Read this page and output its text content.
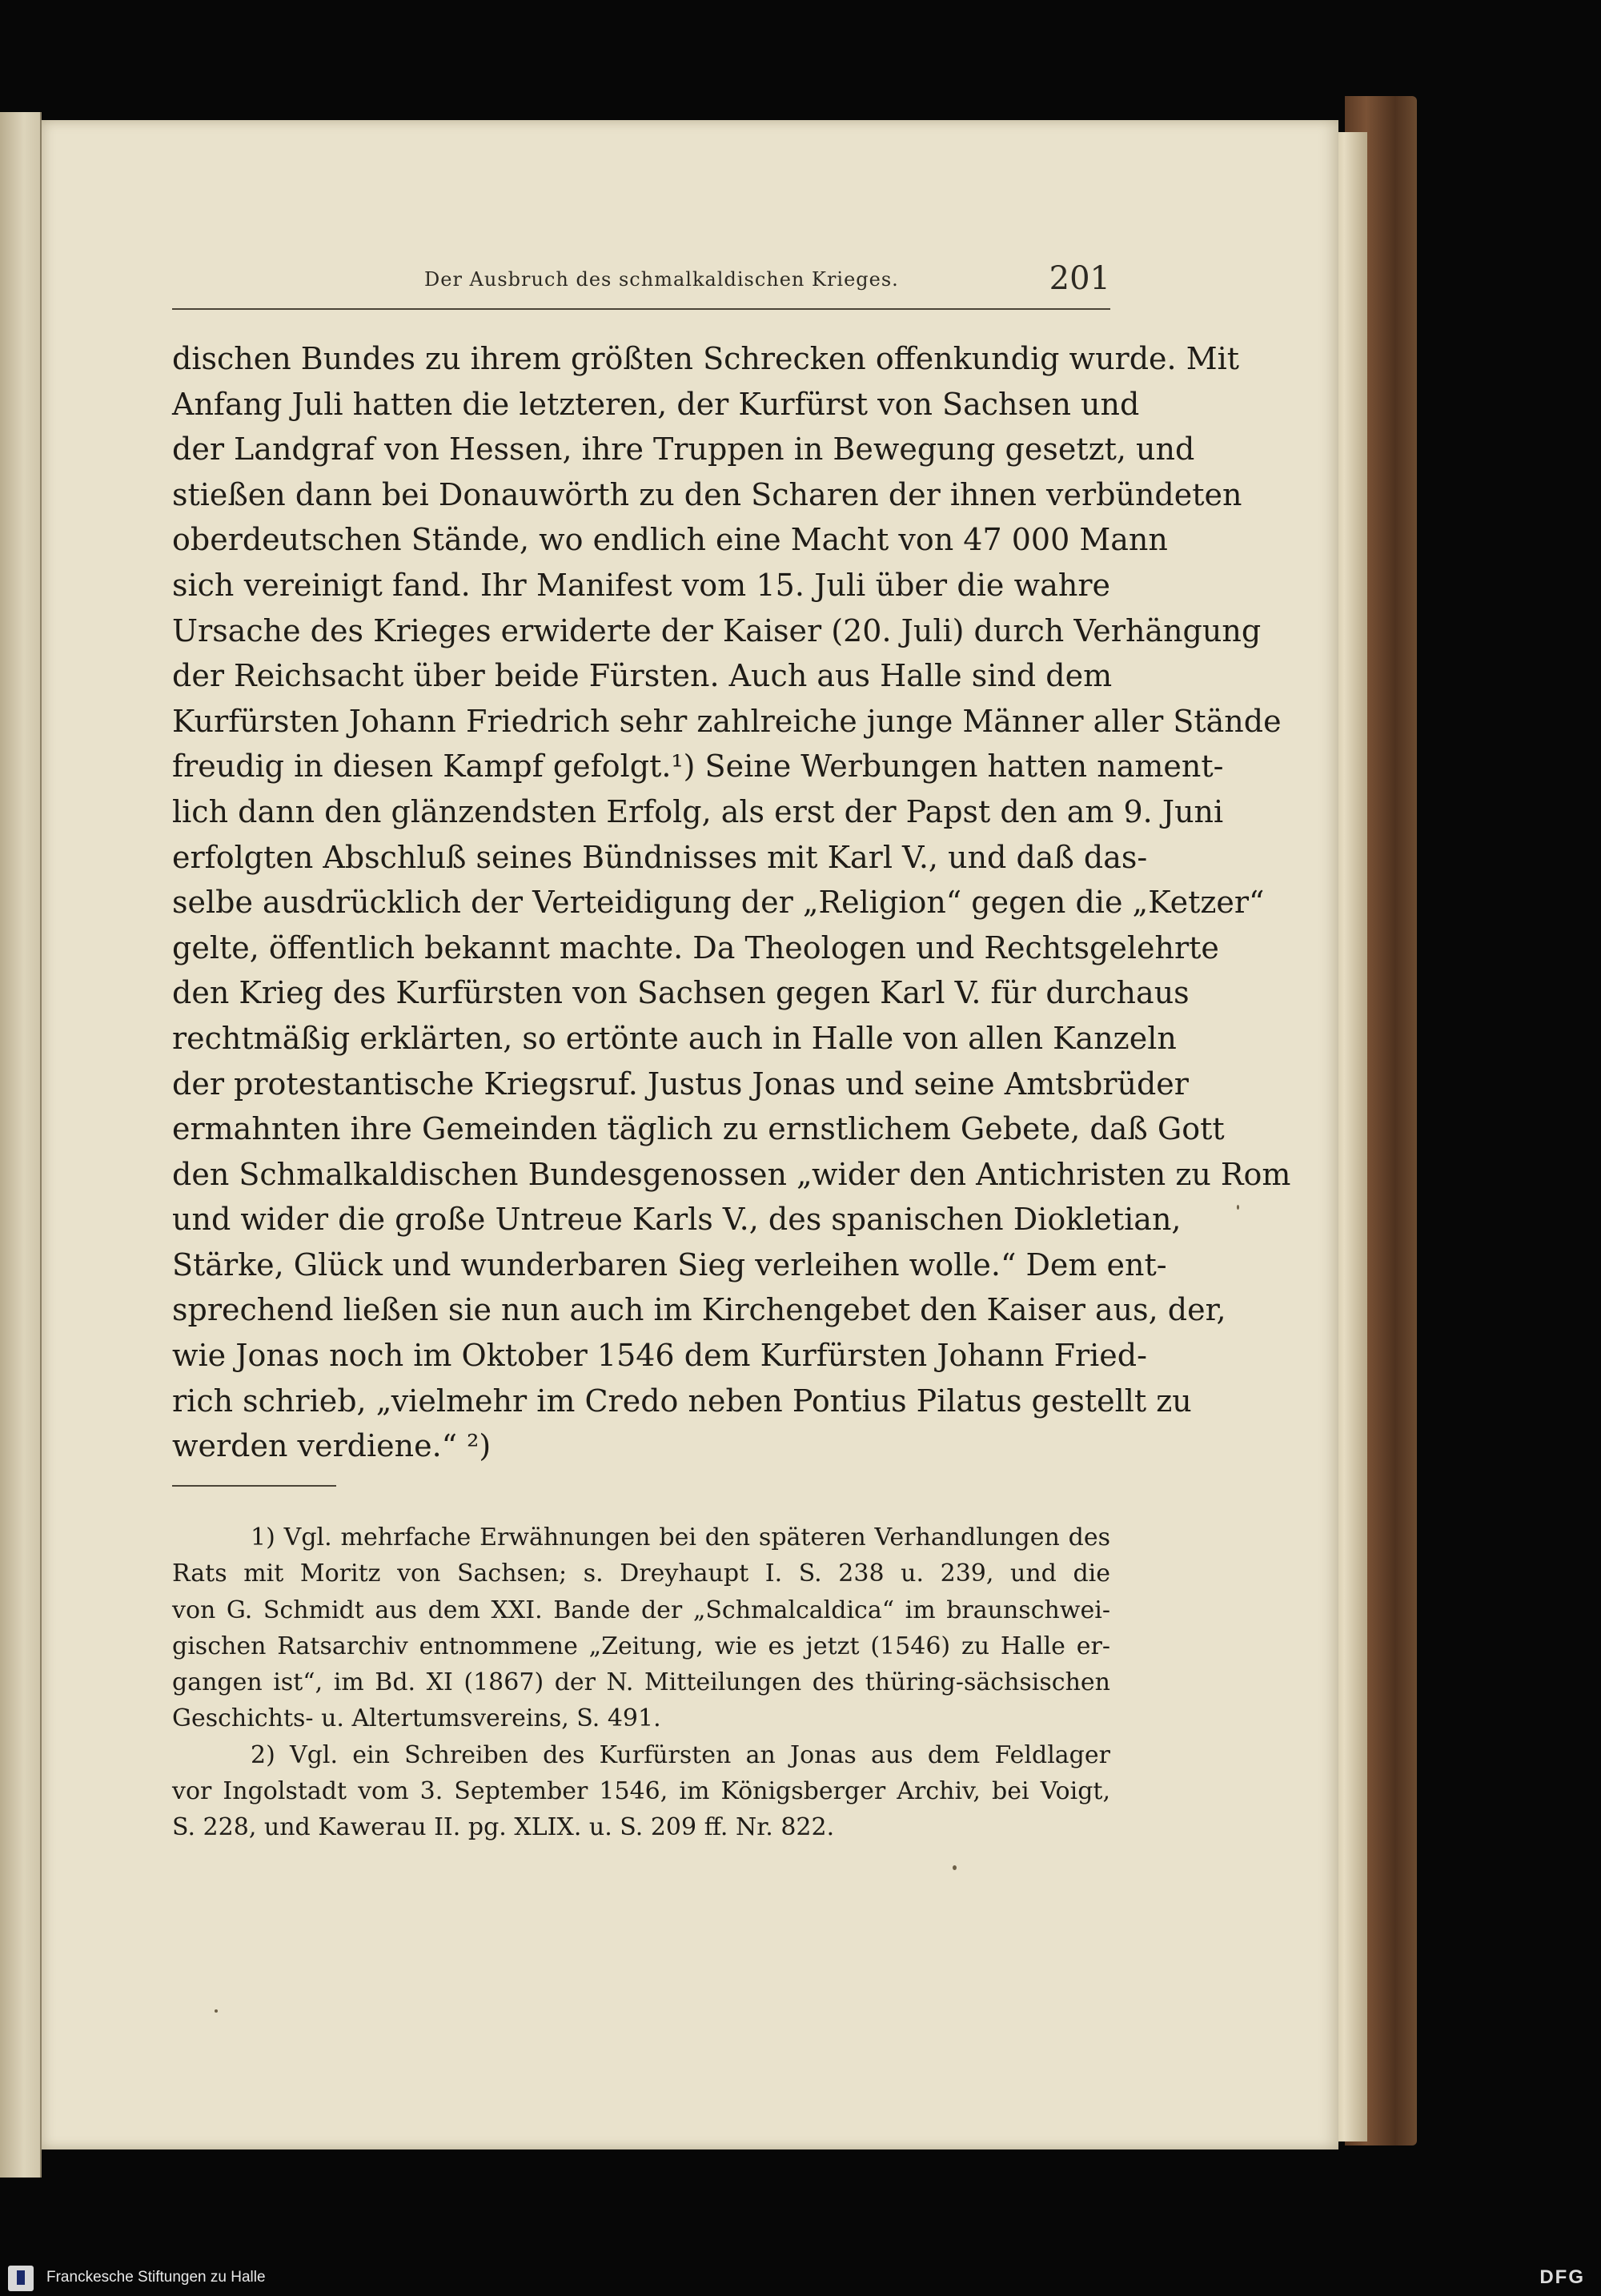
Der Ausbruch des schmalkaldischen Krieges.	201
dischen Bundes zu ihrem größten Schrecken offenkundig wurde. Mit
Anfang Juli hatten die letzteren, der Kurfürst von Sachsen und
der Landgraf von Hessen, ihre Truppen in Bewegung gesetzt, und
stießen dann bei Donauwörth zu den Scharen der ihnen verbündeten
oberdeutschen Stände, wo endlich eine Macht von 47 000 Mann
sich vereinigt fand. Ihr Manifest vom 15. Juli über die wahre
Ursache des Krieges erwiderte der Kaiser (20. Juli) durch Verhängung
der Reichsacht über beide Fürsten. Auch aus Halle sind dem
Kurfürsten Johann Friedrich sehr zahlreiche junge Männer aller Stände
freudig in diesen Kampf gefolgt.¹) Seine Werbungen hatten nament-
lich dann den glänzendsten Erfolg, als erst der Papst den am 9. Juni
erfolgten Abschluß seines Bündnisses mit Karl V., und daß das-
selbe ausdrücklich der Verteidigung der „Religion“ gegen die „Ketzer“
gelte, öffentlich bekannt machte. Da Theologen und Rechtsgelehrte
den Krieg des Kurfürsten von Sachsen gegen Karl V. für durchaus
rechtmäßig erklärten, so ertönte auch in Halle von allen Kanzeln
der protestantische Kriegsruf. Justus Jonas und seine Amtsbrüder
ermahnten ihre Gemeinden täglich zu ernstlichem Gebete, daß Gott
den Schmalkaldischen Bundesgenossen „wider den Antichristen zu Rom
und wider die große Untreue Karls V., des spanischen Diokletian,
Stärke, Glück und wunderbaren Sieg verleihen wolle.“ Dem ent-
sprechend ließen sie nun auch im Kirchengebet den Kaiser aus, der,
wie Jonas noch im Oktober 1546 dem Kurfürsten Johann Fried-
rich schrieb, „vielmehr im Credo neben Pontius Pilatus gestellt zu
werden verdiene.“ ²)
1) Vgl. mehrfache Erwähnungen bei den späteren Verhandlungen des
Rats mit Moritz von Sachsen; s. Dreyhaupt I. S. 238 u. 239, und die
von G. Schmidt aus dem XXI. Bande der „Schmalcaldica“ im braunschwei-
gischen Ratsarchiv entnommene „Zeitung, wie es jetzt (1546) zu Halle er-
gangen ist“, im Bd. XI (1867) der N. Mitteilungen des thüring-sächsischen
Geschichts- u. Altertumsvereins, S. 491.
2) Vgl. ein Schreiben des Kurfürsten an Jonas aus dem Feldlager
vor Ingolstadt vom 3. September 1546, im Königsberger Archiv, bei Voigt,
S. 228, und Kawerau II. pg. XLIX. u. S. 209 ff. Nr. 822.
Franckesche Stiftungen zu Halle	DFG
